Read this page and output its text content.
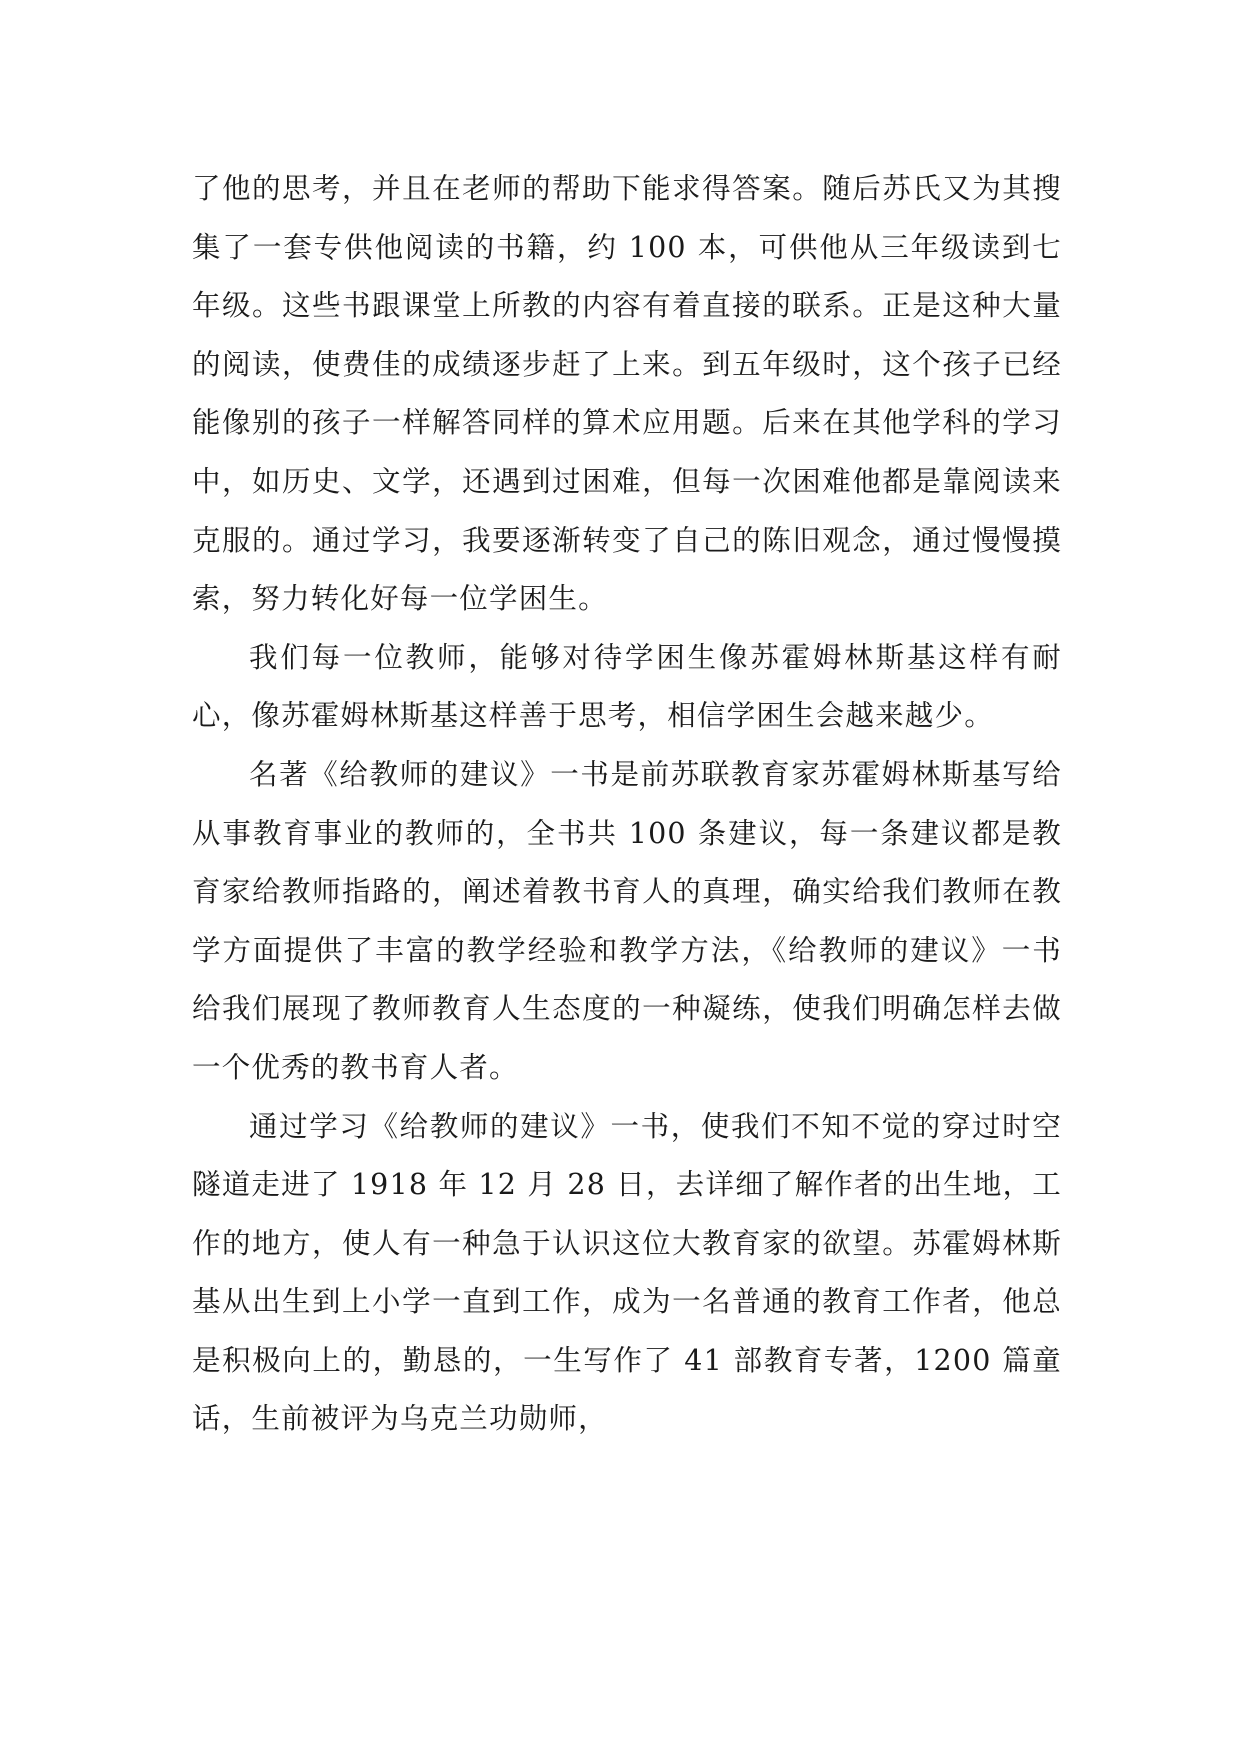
了他的思考，并且在老师的帮助下能求得答案。随后苏氏又为其搜集了一套专供他阅读的书籍，约 100 本，可供他从三年级读到七年级。这些书跟课堂上所教的内容有着直接的联系。正是这种大量的阅读，使费佳的成绩逐步赶了上来。到五年级时，这个孩子已经能像别的孩子一样解答同样的算术应用题。后来在其他学科的学习中，如历史、文学，还遇到过困难，但每一次困难他都是靠阅读来克服的。通过学习，我要逐渐转变了自己的陈旧观念，通过慢慢摸索，努力转化好每一位学困生。

我们每一位教师，能够对待学困生像苏霍姆林斯基这样有耐心，像苏霍姆林斯基这样善于思考，相信学困生会越来越少。

名著《给教师的建议》一书是前苏联教育家苏霍姆林斯基写给从事教育事业的教师的，全书共 100 条建议，每一条建议都是教育家给教师指路的，阐述着教书育人的真理，确实给我们教师在教学方面提供了丰富的教学经验和教学方法，《给教师的建议》一书给我们展现了教师教育人生态度的一种凝练，使我们明确怎样去做一个优秀的教书育人者。

通过学习《给教师的建议》一书，使我们不知不觉的穿过时空隧道走进了 1918 年 12 月 28 日，去详细了解作者的出生地，工作的地方，使人有一种急于认识这位大教育家的欲望。苏霍姆林斯基从出生到上小学一直到工作，成为一名普通的教育工作者，他总是积极向上的，勤恳的，一生写作了 41 部教育专著，1200 篇童话，生前被评为乌克兰功勋师，
